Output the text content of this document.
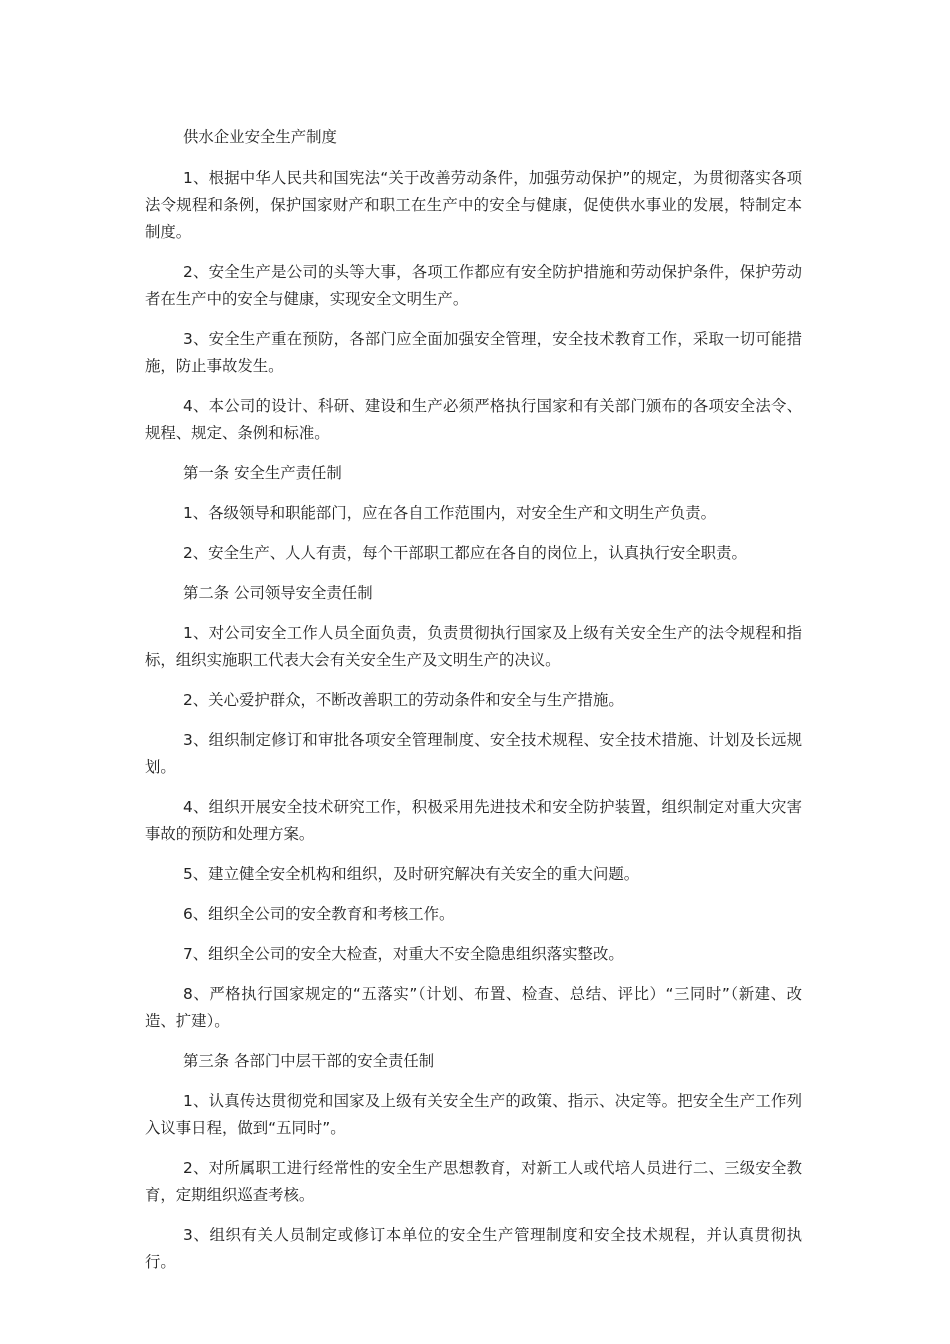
供水企业安全生产制度

1、根据中华人民共和国宪法“关于改善劳动条件，加强劳动保护”的规定，为贯彻落实各项法令规程和条例，保护国家财产和职工在生产中的安全与健康，促使供水事业的发展，特制定本制度。

2、安全生产是公司的头等大事，各项工作都应有安全防护措施和劳动保护条件，保护劳动者在生产中的安全与健康，实现安全文明生产。

3、安全生产重在预防，各部门应全面加强安全管理，安全技术教育工作，采取一切可能措施，防止事故发生。

4、本公司的设计、科研、建设和生产必须严格执行国家和有关部门颁布的各项安全法令、规程、规定、条例和标准。

第一条 安全生产责任制

1、各级领导和职能部门，应在各自工作范围内，对安全生产和文明生产负责。

2、安全生产、人人有责，每个干部职工都应在各自的岗位上，认真执行安全职责。

第二条 公司领导安全责任制

1、对公司安全工作人员全面负责，负责贯彻执行国家及上级有关安全生产的法令规程和指标，组织实施职工代表大会有关安全生产及文明生产的决议。

2、关心爱护群众，不断改善职工的劳动条件和安全与生产措施。

3、组织制定修订和审批各项安全管理制度、安全技术规程、安全技术措施、计划及长远规划。

4、组织开展安全技术研究工作，积极采用先进技术和安全防护装置，组织制定对重大灾害事故的预防和处理方案。

5、建立健全安全机构和组织，及时研究解决有关安全的重大问题。

6、组织全公司的安全教育和考核工作。

7、组织全公司的安全大检查，对重大不安全隐患组织落实整改。

8、严格执行国家规定的“五落实”（计划、布置、检查、总结、评比）“三同时”（新建、改造、扩建）。

第三条 各部门中层干部的安全责任制

1、认真传达贯彻党和国家及上级有关安全生产的政策、指示、决定等。把安全生产工作列入议事日程，做到“五同时”。

2、对所属职工进行经常性的安全生产思想教育，对新工人或代培人员进行二、三级安全教育，定期组织巡查考核。

3、组织有关人员制定或修订本单位的安全生产管理制度和安全技术规程，并认真贯彻执行。
